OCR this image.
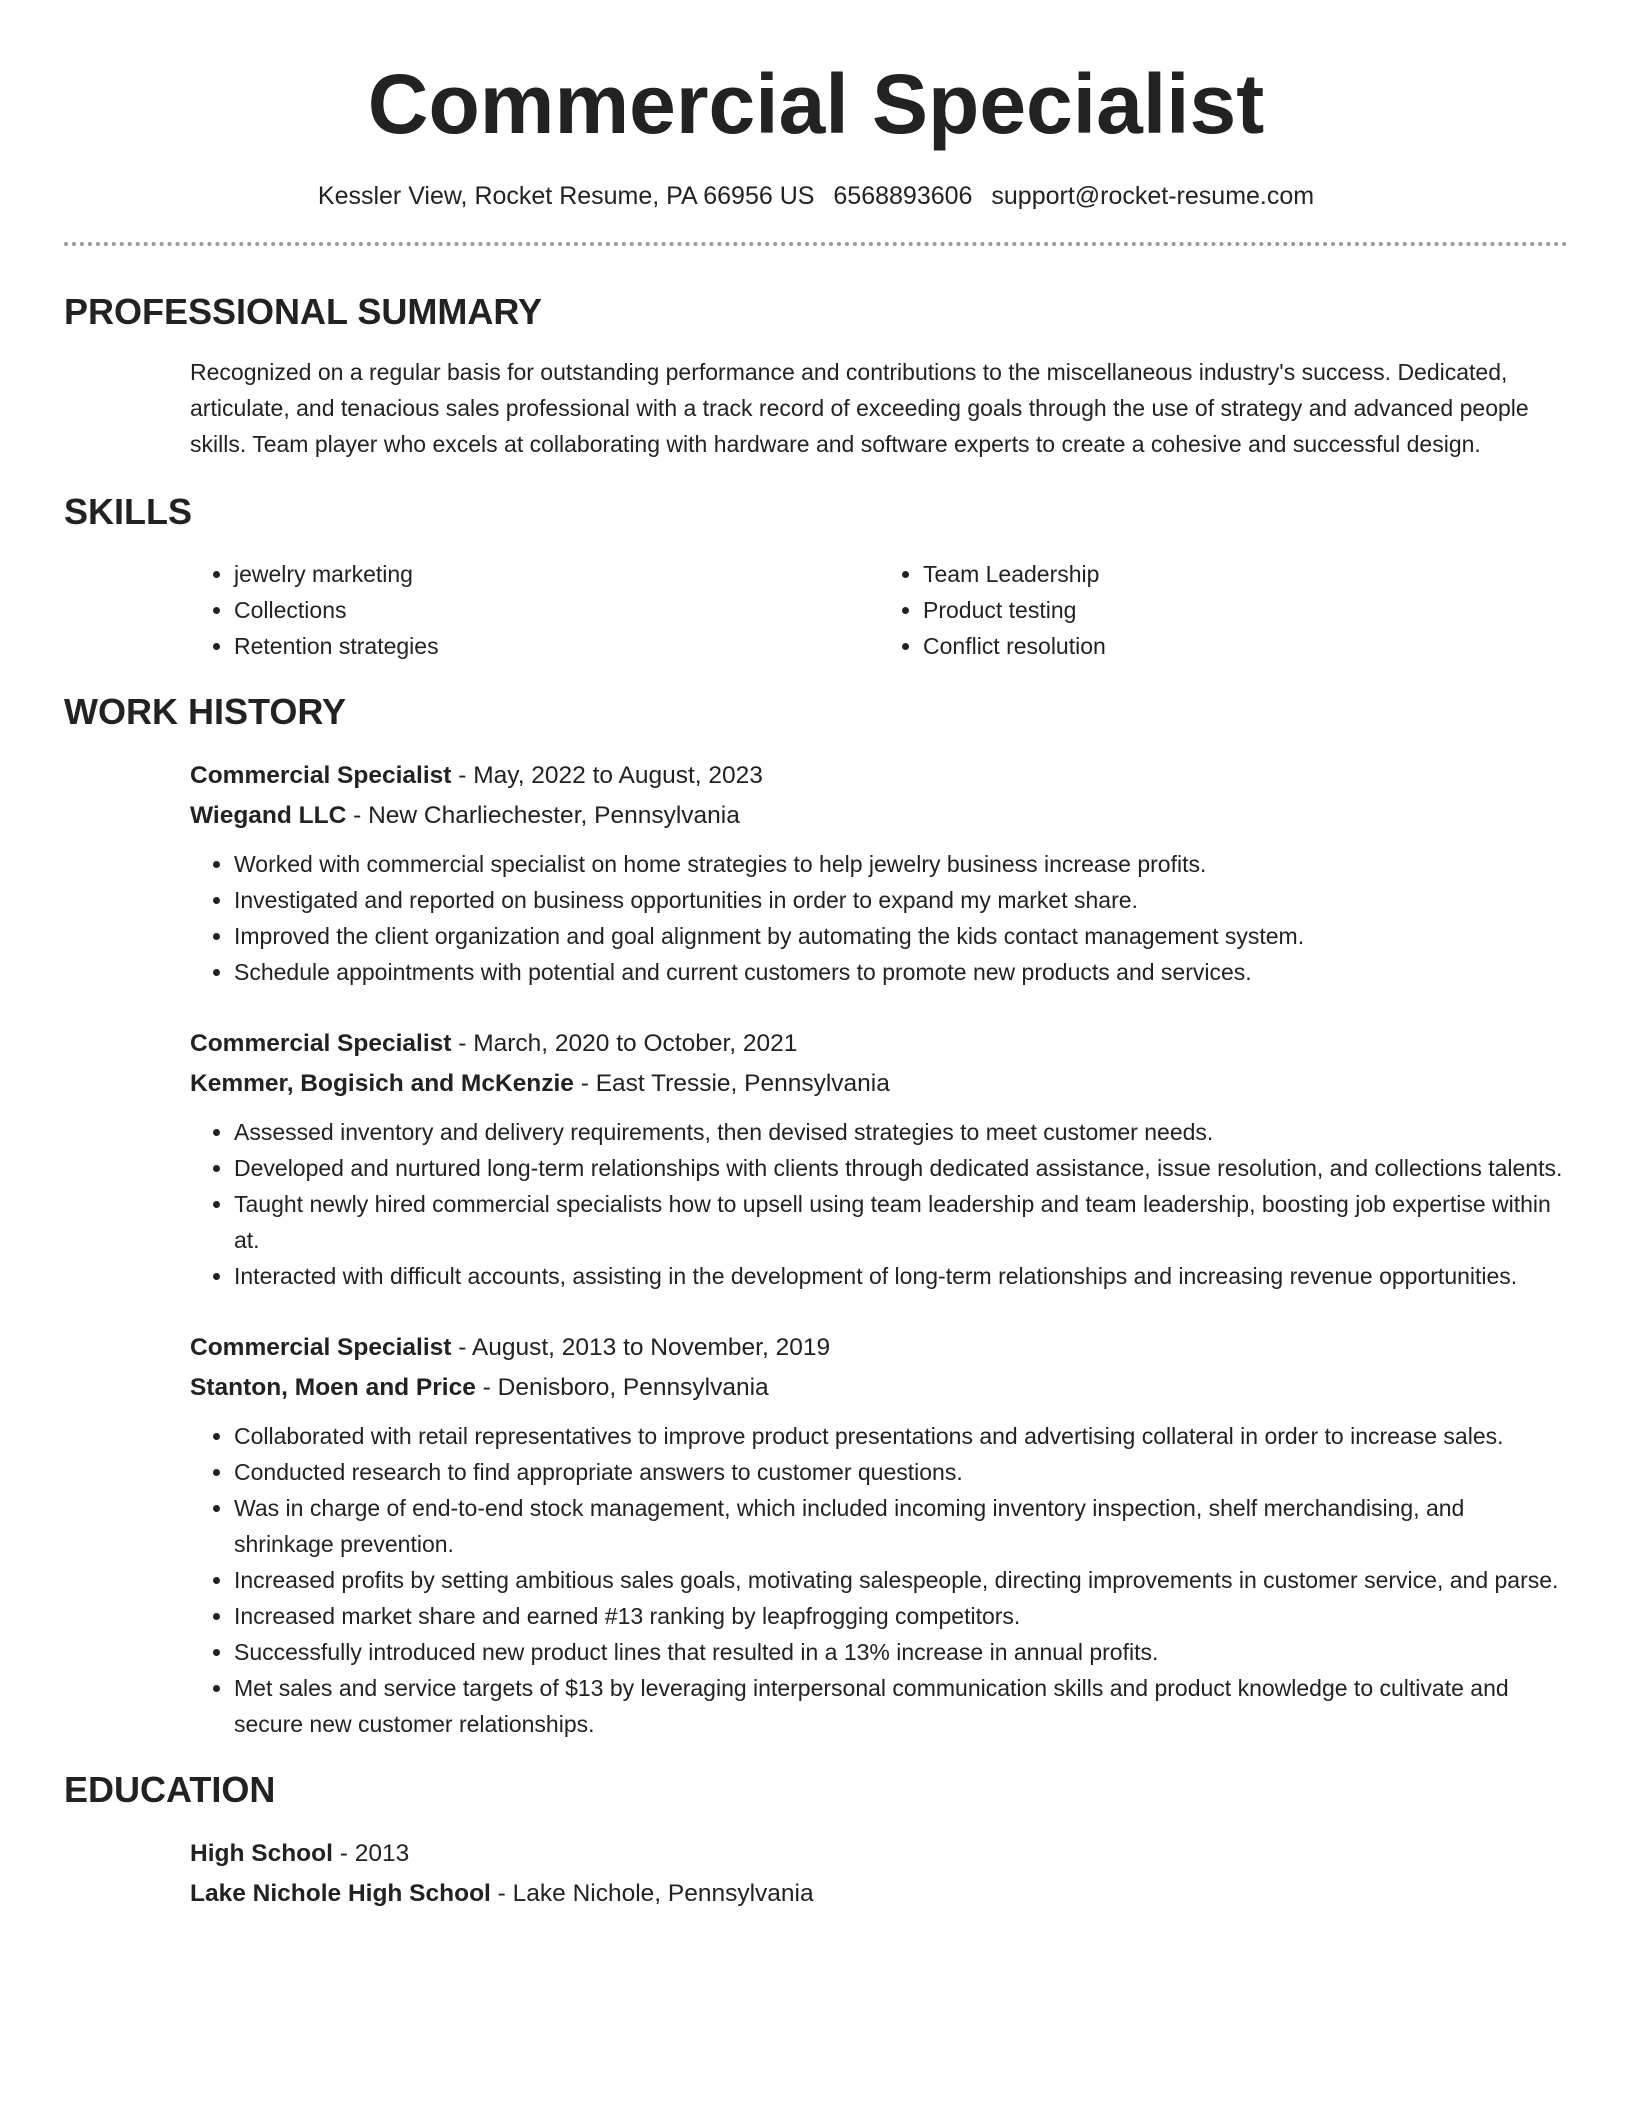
Commercial Specialist
Kessler View, Rocket Resume, PA 66956 US 6568893606 support@rocket-resume.com
PROFESSIONAL SUMMARY

Recognized on a regular basis for outstanding performance and contributions to the miscellaneous industry's success. Dedicated, articulate, and tenacious sales professional with a track record of exceeding goals through the use of strategy and advanced people skills. Team player who excels at collaborating with hardware and software experts to create a cohesive and successful design.

SKILLS
• jewelry marketing
• Collections
• Retention strategies
• Team Leadership
• Product testing
• Conflict resolution
WORK HISTORY
Commercial Specialist - May, 2022 to August, 2023
Wiegand LLC - New Charliechester, Pennsylvania
• Worked with commercial specialist on home strategies to help jewelry business increase profits.
• Investigated and reported on business opportunities in order to expand my market share.
• Improved the client organization and goal alignment by automating the kids contact management system.
• Schedule appointments with potential and current customers to promote new products and services.
Commercial Specialist - March, 2020 to October, 2021
Kemmer, Bogisich and McKenzie - East Tressie, Pennsylvania
• Assessed inventory and delivery requirements, then devised strategies to meet customer needs.
• Developed and nurtured long-term relationships with clients through dedicated assistance, issue resolution, and collections talents.
• Taught newly hired commercial specialists how to upsell using team leadership and team leadership, boosting job expertise within at.
• Interacted with difficult accounts, assisting in the development of long-term relationships and increasing revenue opportunities.
Commercial Specialist - August, 2013 to November, 2019
Stanton, Moen and Price - Denisboro, Pennsylvania
• Collaborated with retail representatives to improve product presentations and advertising collateral in order to increase sales.
• Conducted research to find appropriate answers to customer questions.
• Was in charge of end-to-end stock management, which included incoming inventory inspection, shelf merchandising, and shrinkage prevention.
• Increased profits by setting ambitious sales goals, motivating salespeople, directing improvements in customer service, and parse.
• Increased market share and earned #13 ranking by leapfrogging competitors.
• Successfully introduced new product lines that resulted in a 13% increase in annual profits.
• Met sales and service targets of $13 by leveraging interpersonal communication skills and product knowledge to cultivate and secure new customer relationships.
EDUCATION
High School - 2013
Lake Nichole High School - Lake Nichole, Pennsylvania
